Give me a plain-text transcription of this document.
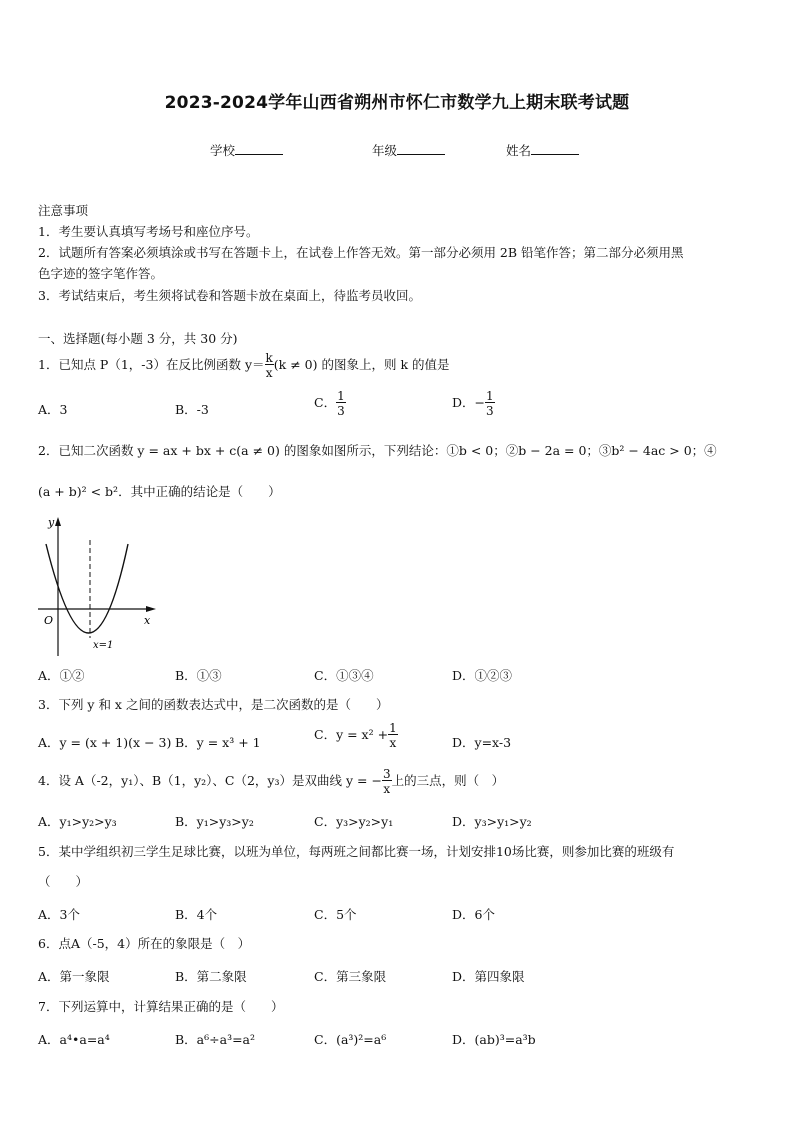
2023-2024学年山西省朔州市怀仁市数学九上期末联考试题
学校	年级	姓名
注意事项
1．考生要认真填写考场号和座位序号。
2．试题所有答案必须填涂或书写在答题卡上，在试卷上作答无效。第一部分必须用 2B 铅笔作答；第二部分必须用黑
色字迹的签字笔作答。
3．考试结束后，考生须将试卷和答题卡放在桌面上，待监考员收回。
一、选择题(每小题 3 分，共 30 分)
1．已知点 P（1，-3）在反比例函数 $y= \frac{k}{x} (k \ne 0)$ 的图象上，则 k 的值是
A．3	B．-3	C． $\frac{1}{3}$	D．− $\frac{1}{3}$
2．已知二次函数 y = ax + bx + c(a ≠ 0) 的图象如图所示，下列结论：①b < 0；②b − 2a = 0；③b² − 4ac > 0；④
(a + b)² < b²．其中正确的结论是（　　）
y
x
O
x=1
A．①②	B．①③	C．①③④	D．①②③
3．下列 y 和 x 之间的函数表达式中，是二次函数的是（　　）
A．y = (x + 1)(x − 3) B．y = x³ + 1
C．$y = x^2 + \frac{1}{x}$	D．y=x-3
4．设 A（-2，y₁）、B（1，y₂）、C（2，y₃）是双曲线 y = − $\frac{3}{x}$ 上的三点，则（　）
A．y₁>y₂>y₃	B．y₁>y₃>y₂	C．y₃>y₂>y₁	D．y₃>y₁>y₂
5．某中学组织初三学生足球比赛，以班为单位，每两班之间都比赛一场，计划安排10场比赛，则参加比赛的班级有
（　　）
A．3个	B．4个	C．5个	D．6个
6．点A（-5，4）所在的象限是（　）
A．第一象限	B．第二象限	C．第三象限	D．第四象限
7．下列运算中，计算结果正确的是（　　）
A．a⁴•a=a⁴	B．a⁶÷a³=a²	C．(a³)²=a⁶	D．(ab)³=a³b
